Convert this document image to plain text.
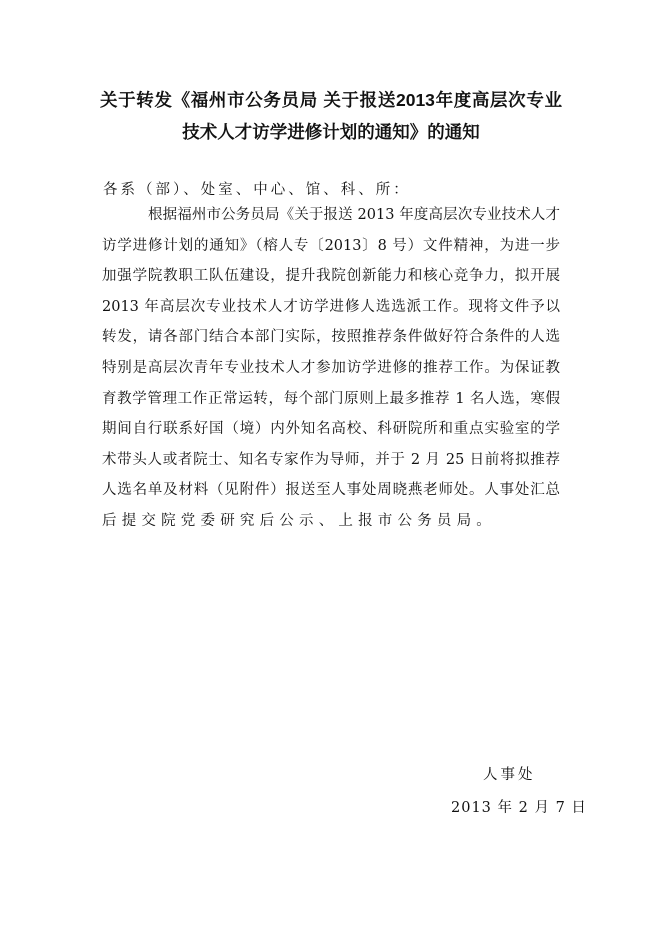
关于转发《福州市公务员局 关于报送2013年度高层次专业
技术人才访学进修计划的通知》的通知
各系（部）、处室、中心、馆、科、所：
根据福州市公务员局《关于报送 2013 年度高层次专业技术人才
访学进修计划的通知》（榕人专〔2013〕8 号）文件精神，为进一步
加强学院教职工队伍建设，提升我院创新能力和核心竞争力，拟开展
2013 年高层次专业技术人才访学进修人选选派工作。现将文件予以
转发，请各部门结合本部门实际，按照推荐条件做好符合条件的人选
特别是高层次青年专业技术人才参加访学进修的推荐工作。为保证教
育教学管理工作正常运转，每个部门原则上最多推荐 1 名人选，寒假
期间自行联系好国（境）内外知名高校、科研院所和重点实验室的学
术带头人或者院士、知名专家作为导师，并于 2 月 25 日前将拟推荐
人选名单及材料（见附件）报送至人事处周晓燕老师处。人事处汇总
后提交院党委研究后公示、上报市公务员局。
人事处
2013 年 2 月 7 日
